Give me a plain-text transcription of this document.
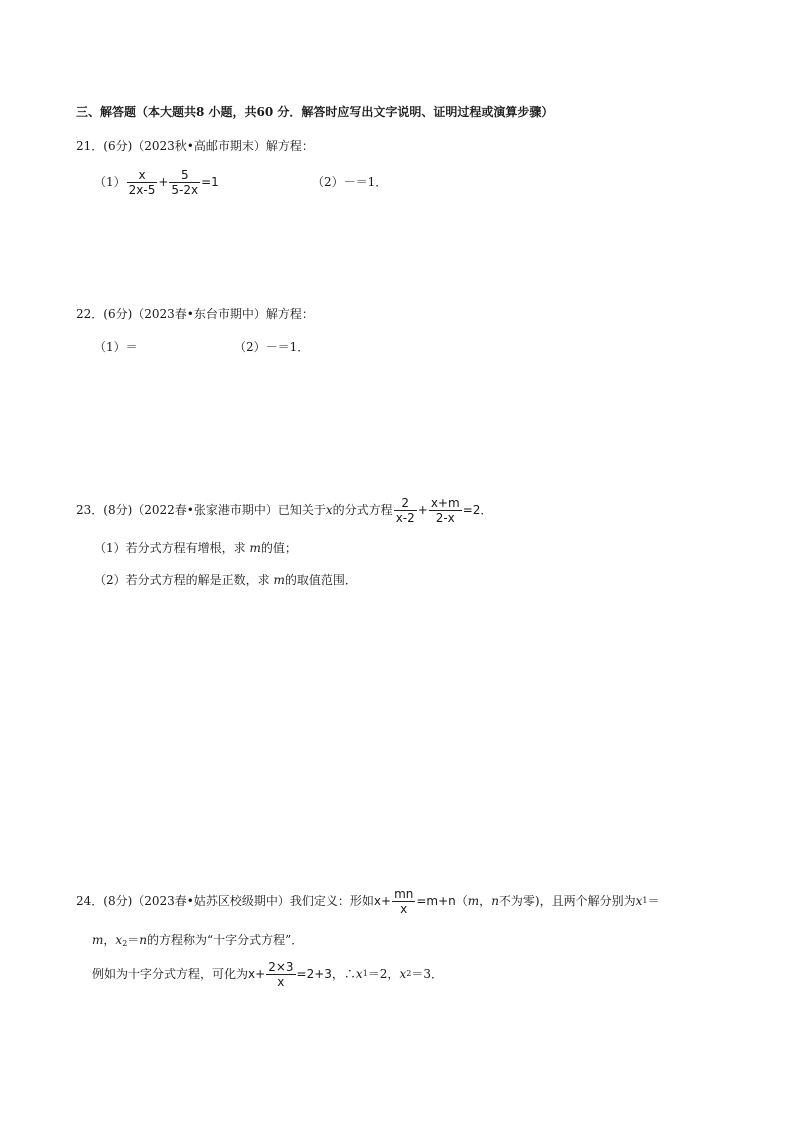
三、解答题（本大题共8 小题，共60 分．解答时应写出文字说明、证明过程或演算步骤）
21．(6分)（2023秋•高邮市期末）解方程：
$(1) \frac{x}{2x-5} + \frac{5}{5-2x} =1$	（2）－＝1．
22．(6分)（2023春•东台市期中）解方程：
（1）＝	（2）－＝1．
23．(8分)（2022春•张家港市期中）已知关于 x 的分式方程 $\frac{2}{x-2} + \frac{x+m}{2-x} =2$．
（1）若分式方程有增根，求 m的值；
（2）若分式方程的解是正数，求 m的取值范围．
24．(8分)（2023春•姑苏区校级期中）我们定义：形如 $x + \frac{mn}{x} =m+n$ （ m ， n 不为零)，且两个解分别为 x 1 ＝
m，$x_2=n$的方程称为“十字分式方程”．
例如为十字分式方程，可化为 $x + \frac{2\times 3}{x} =2+3$ ，∴ x 1 ＝2， x 2 ＝3．
